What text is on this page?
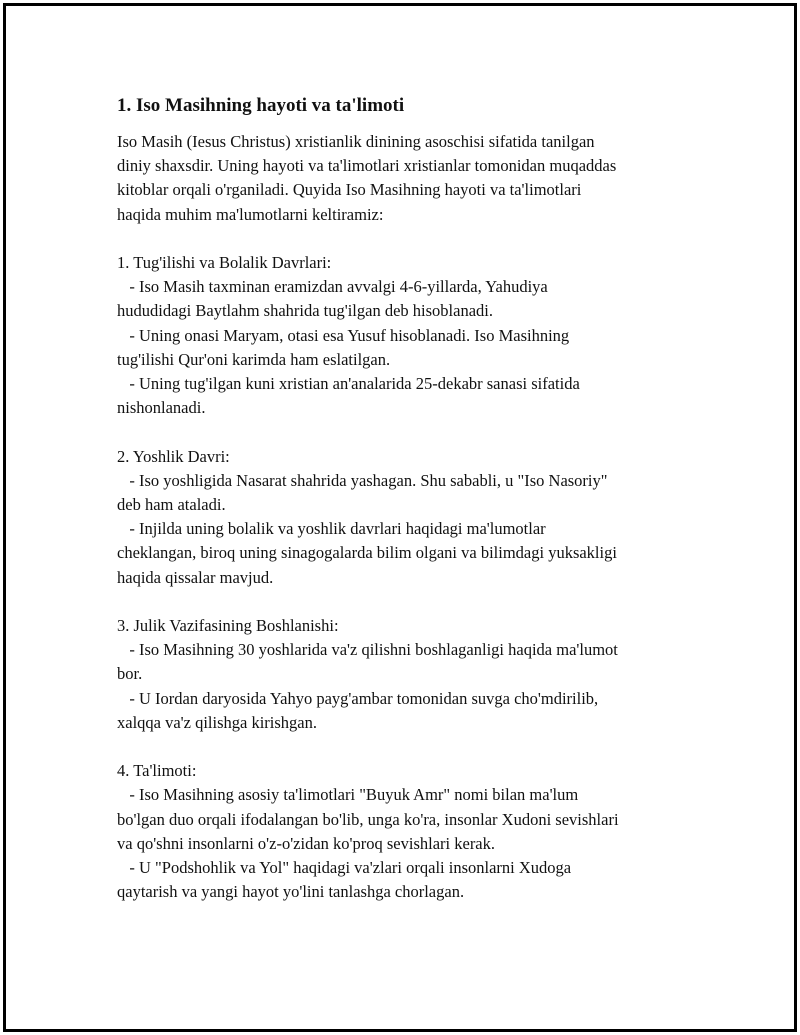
1. Iso Masihning hayoti va ta'limoti
Iso Masih (Iesus Christus) xristianlik dinining asoschisi sifatida tanilgan
diniy shaxsdir. Uning hayoti va ta'limotlari xristianlar tomonidan muqaddas
kitoblar orqali o'rganiladi. Quyida Iso Masihning hayoti va ta'limotlari
haqida muhim ma'lumotlarni keltiramiz:
1. Tug'ilishi va Bolalik Davrlari:
- Iso Masih taxminan eramizdan avvalgi 4-6-yillarda, Yahudiya
hududidagi Baytlahm shahrida tug'ilgan deb hisoblanadi.
- Uning onasi Maryam, otasi esa Yusuf hisoblanadi. Iso Masihning
tug'ilishi Qur'oni karimda ham eslatilgan.
- Uning tug'ilgan kuni xristian an'analarida 25-dekabr sanasi sifatida
nishonlanadi.
2. Yoshlik Davri:
- Iso yoshligida Nasarat shahrida yashagan. Shu sababli, u "Iso Nasoriy"
deb ham ataladi.
- Injilda uning bolalik va yoshlik davrlari haqidagi ma'lumotlar
cheklangan, biroq uning sinagogalarda bilim olgani va bilimdagi yuksakligi
haqida qissalar mavjud.
3. Julik Vazifasining Boshlanishi:
- Iso Masihning 30 yoshlarida va'z qilishni boshlaganligi haqida ma'lumot
bor.
- U Iordan daryosida Yahyo payg'ambar tomonidan suvga cho'mdirilib,
xalqqa va'z qilishga kirishgan.
4. Ta'limoti:
- Iso Masihning asosiy ta'limotlari "Buyuk Amr" nomi bilan ma'lum
bo'lgan duo orqali ifodalangan bo'lib, unga ko'ra, insonlar Xudoni sevishlari
va qo'shni insonlarni o'z-o'zidan ko'proq sevishlari kerak.
- U "Podshohlik va Yol" haqidagi va'zlari orqali insonlarni Xudoga
qaytarish va yangi hayot yo'lini tanlashga chorlagan.
